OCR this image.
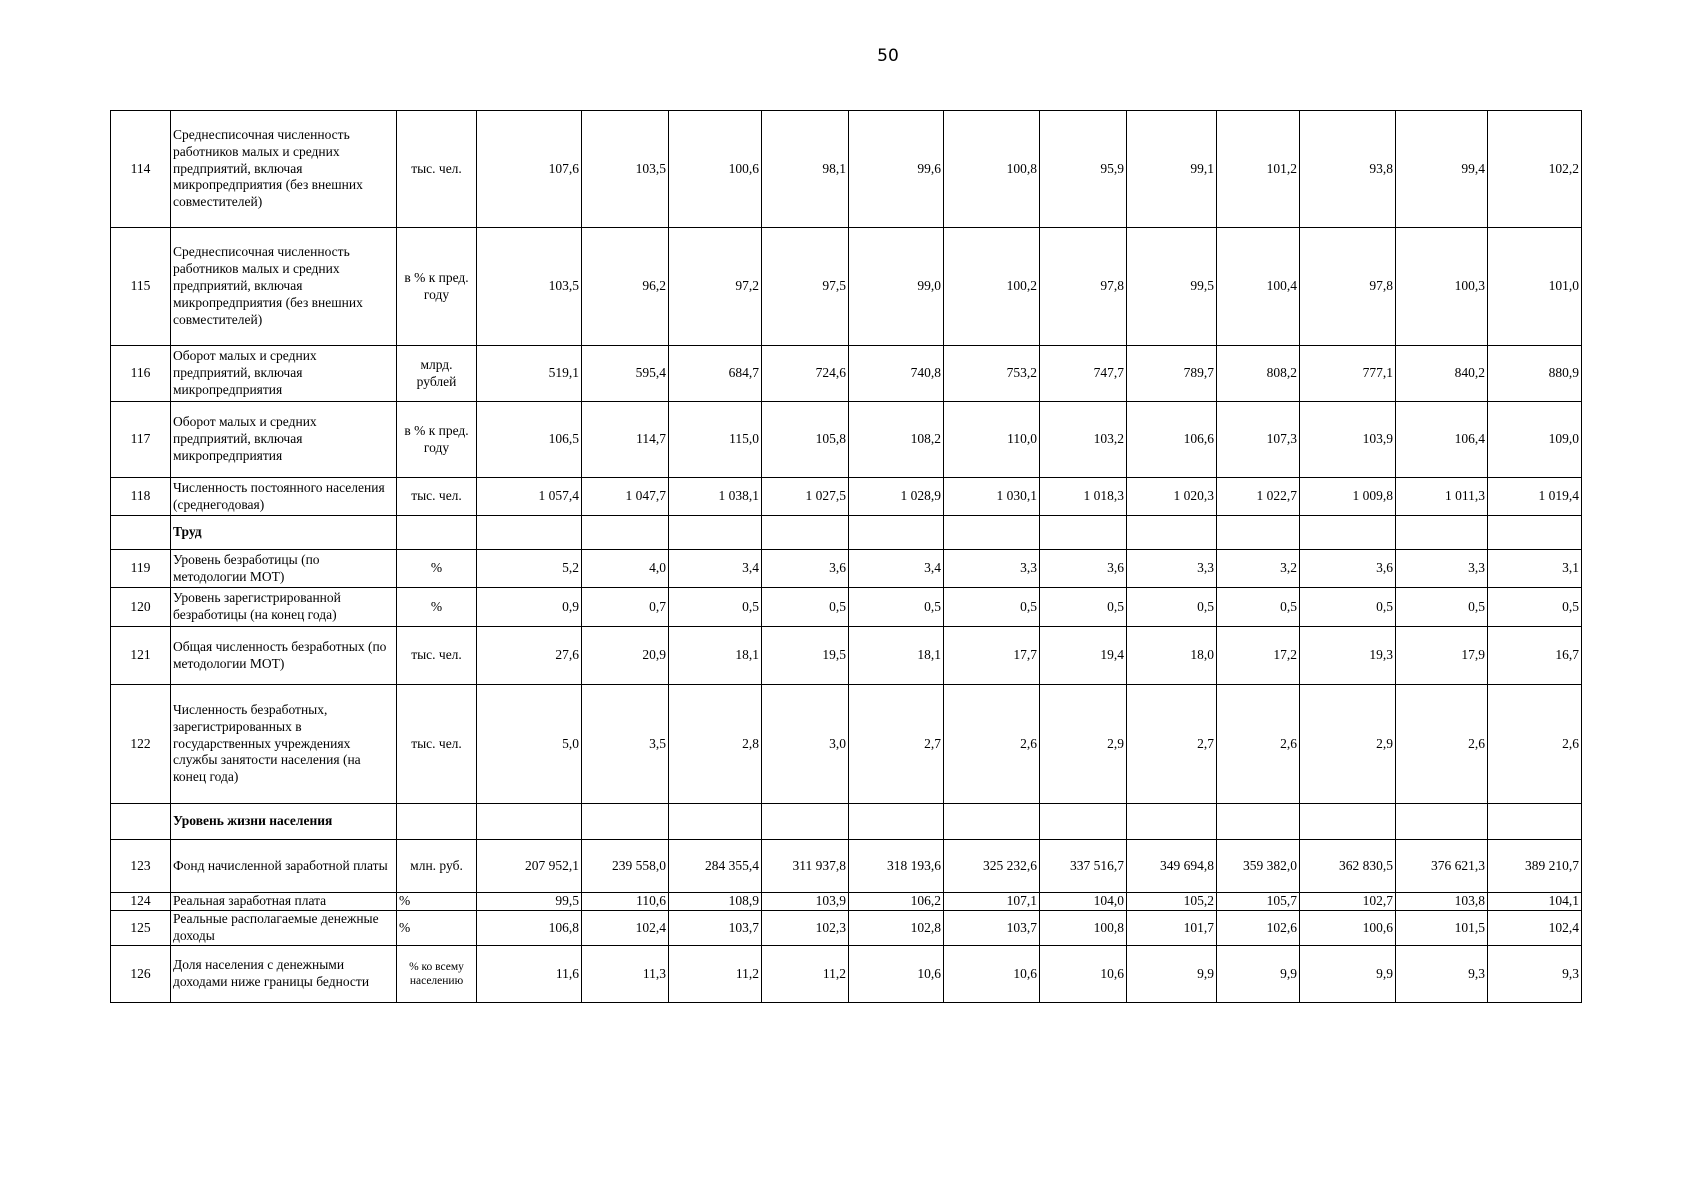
50
114	Среднесписочная численность работников малых и средних предприятий, включая микропредприятия (без внешних совместителей)	тыс. чел.	107,6	103,5	100,6	98,1	99,6	100,8	95,9	99,1	101,2	93,8	99,4	102,2
115	Среднесписочная численность работников малых и средних предприятий, включая микропредприятия (без внешних совместителей)	в % к пред. году	103,5	96,2	97,2	97,5	99,0	100,2	97,8	99,5	100,4	97,8	100,3	101,0
116	Оборот малых и средних предприятий, включая микропредприятия	млрд. рублей	519,1	595,4	684,7	724,6	740,8	753,2	747,7	789,7	808,2	777,1	840,2	880,9
117	Оборот малых и средних предприятий, включая микропредприятия	в % к пред. году	106,5	114,7	115,0	105,8	108,2	110,0	103,2	106,6	107,3	103,9	106,4	109,0
118	Численность постоянного населения (среднегодовая)	тыс. чел.	1 057,4	1 047,7	1 038,1	1 027,5	1 028,9	1 030,1	1 018,3	1 020,3	1 022,7	1 009,8	1 011,3	1 019,4
	Труд													
119	Уровень безработицы (по методологии МОТ)	%	5,2	4,0	3,4	3,6	3,4	3,3	3,6	3,3	3,2	3,6	3,3	3,1
120	Уровень зарегистрированной безработицы (на конец года)	%	0,9	0,7	0,5	0,5	0,5	0,5	0,5	0,5	0,5	0,5	0,5	0,5
121	Общая численность безработных (по методологии МОТ)	тыс. чел.	27,6	20,9	18,1	19,5	18,1	17,7	19,4	18,0	17,2	19,3	17,9	16,7
122	Численность безработных, зарегистрированных в государственных учреждениях службы занятости населения (на конец года)	тыс. чел.	5,0	3,5	2,8	3,0	2,7	2,6	2,9	2,7	2,6	2,9	2,6	2,6
	Уровень жизни населения													
123	Фонд начисленной заработной платы	млн. руб.	207 952,1	239 558,0	284 355,4	311 937,8	318 193,6	325 232,6	337 516,7	349 694,8	359 382,0	362 830,5	376 621,3	389 210,7
124	Реальная заработная плата	%	99,5	110,6	108,9	103,9	106,2	107,1	104,0	105,2	105,7	102,7	103,8	104,1
125	Реальные располагаемые денежные доходы	%	106,8	102,4	103,7	102,3	102,8	103,7	100,8	101,7	102,6	100,6	101,5	102,4
126	Доля населения с денежными доходами ниже границы бедности	% ко всему населению	11,6	11,3	11,2	11,2	10,6	10,6	10,6	9,9	9,9	9,9	9,3	9,3
